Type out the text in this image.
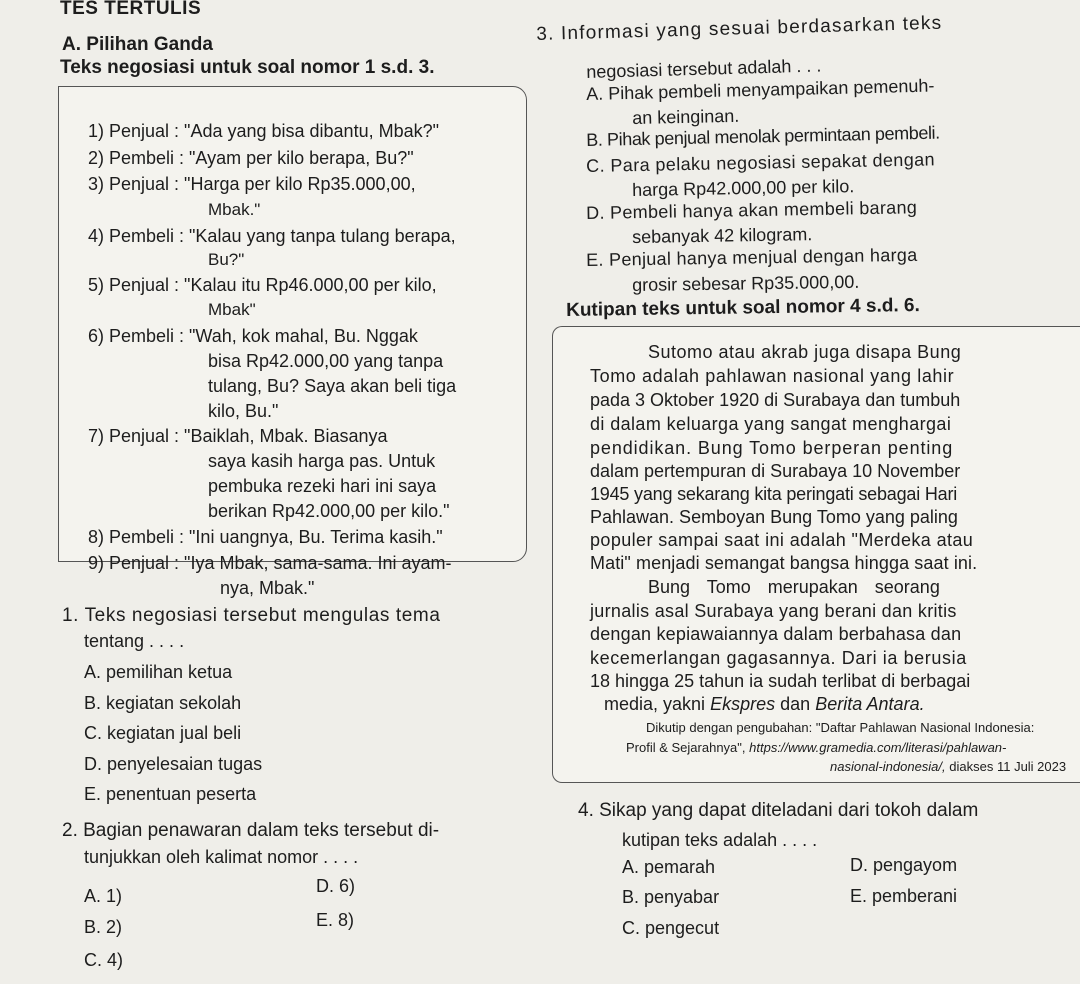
TES TERTULIS
A. Pilihan Ganda
Teks negosiasi untuk soal nomor 1 s.d. 3.
1) Penjual : "Ada yang bisa dibantu, Mbak?"
2) Pembeli : "Ayam per kilo berapa, Bu?"
3) Penjual : "Harga per kilo Rp35.000,00,
Mbak."
4) Pembeli : "Kalau yang tanpa tulang berapa,
Bu?"
5) Penjual : "Kalau itu Rp46.000,00 per kilo,
Mbak"
6) Pembeli : "Wah, kok mahal, Bu. Nggak
bisa Rp42.000,00 yang tanpa
tulang, Bu? Saya akan beli tiga
kilo, Bu."
7) Penjual : "Baiklah, Mbak. Biasanya
saya kasih harga pas. Untuk
pembuka rezeki hari ini saya
berikan Rp42.000,00 per kilo."
8) Pembeli : "Ini uangnya, Bu. Terima kasih."
9) Penjual : "Iya Mbak, sama-sama. Ini ayam-
nya, Mbak."
1. Teks negosiasi tersebut mengulas tema
tentang . . . .
A. pemilihan ketua
B. kegiatan sekolah
C. kegiatan jual beli
D. penyelesaian tugas
E. penentuan peserta
2. Bagian penawaran dalam teks tersebut di-
tunjukkan oleh kalimat nomor . . . .
A. 1)
B. 2)
C. 4)
D. 6)
E. 8)
3. Informasi yang sesuai berdasarkan teks
negosiasi tersebut adalah . . .
A. Pihak pembeli menyampaikan pemenuh-
an keinginan.
B. Pihak penjual menolak permintaan pembeli.
C. Para pelaku negosiasi sepakat dengan
harga Rp42.000,00 per kilo.
D. Pembeli hanya akan membeli barang
sebanyak 42 kilogram.
E. Penjual hanya menjual dengan harga
grosir sebesar Rp35.000,00.
Kutipan teks untuk soal nomor 4 s.d. 6.
Sutomo atau akrab juga disapa Bung
Tomo adalah pahlawan nasional yang lahir
pada 3 Oktober 1920 di Surabaya dan tumbuh
di dalam keluarga yang sangat menghargai
pendidikan. Bung Tomo berperan penting
dalam pertempuran di Surabaya 10 November
1945 yang sekarang kita peringati sebagai Hari
Pahlawan. Semboyan Bung Tomo yang paling
populer sampai saat ini adalah "Merdeka atau
Mati" menjadi semangat bangsa hingga saat ini.
Bung Tomo merupakan seorang
jurnalis asal Surabaya yang berani dan kritis
dengan kepiawaiannya dalam berbahasa dan
kecemerlangan gagasannya. Dari ia berusia
18 hingga 25 tahun ia sudah terlibat di berbagai
media, yakni Ekspres dan Berita Antara.
Dikutip dengan pengubahan: "Daftar Pahlawan Nasional Indonesia:
Profil & Sejarahnya", https://www.gramedia.com/literasi/pahlawan-
nasional-indonesia/, diakses 11 Juli 2023
4. Sikap yang dapat diteladani dari tokoh dalam
kutipan teks adalah . . . .
A. pemarah
B. penyabar
C. pengecut
D. pengayom
E. pemberani
